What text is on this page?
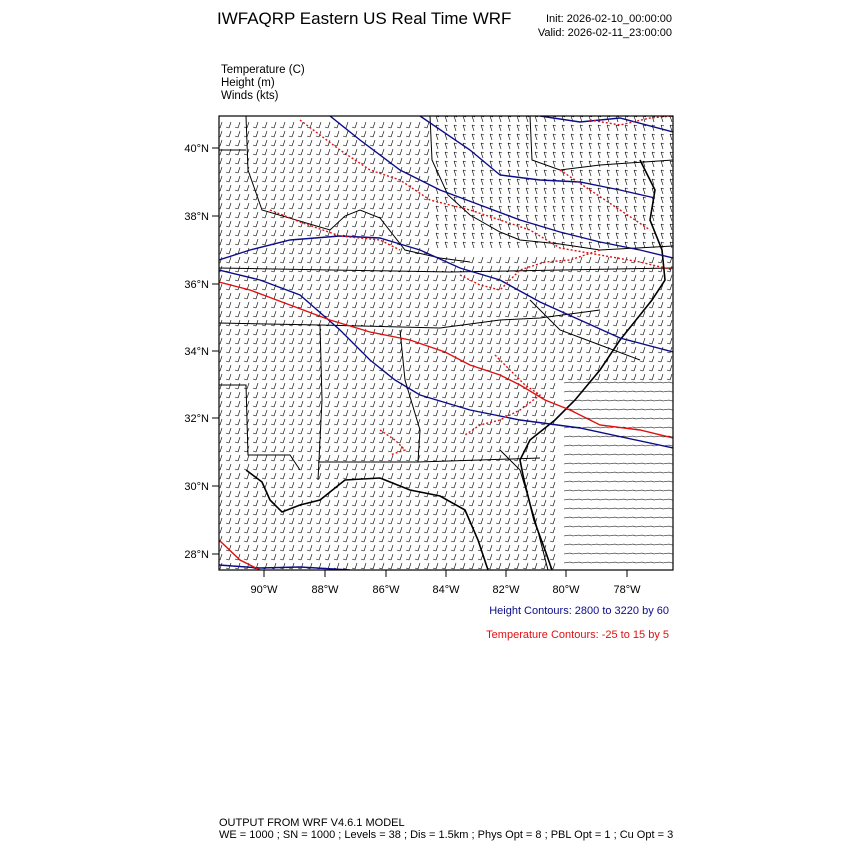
IWFAQRP Eastern US Real Time WRF	Init: 2026-02-10_00:00:00
Valid: 2026-02-11_23:00:00
Temperature (C)
Height (m)
Winds (kts)
40°N
38°N
36°N
34°N
32°N
30°N
28°N
90°W	88°W	86°W	84°W	82°W	80°W	78°W
Height Contours: 2800 to 3220 by 60
Temperature Contours: -25 to 15 by 5
OUTPUT FROM WRF V4.6.1 MODEL
WE = 1000 ; SN = 1000 ; Levels = 38 ; Dis = 1.5km ; Phys Opt = 8 ; PBL Opt = 1 ; Cu Opt = 3
